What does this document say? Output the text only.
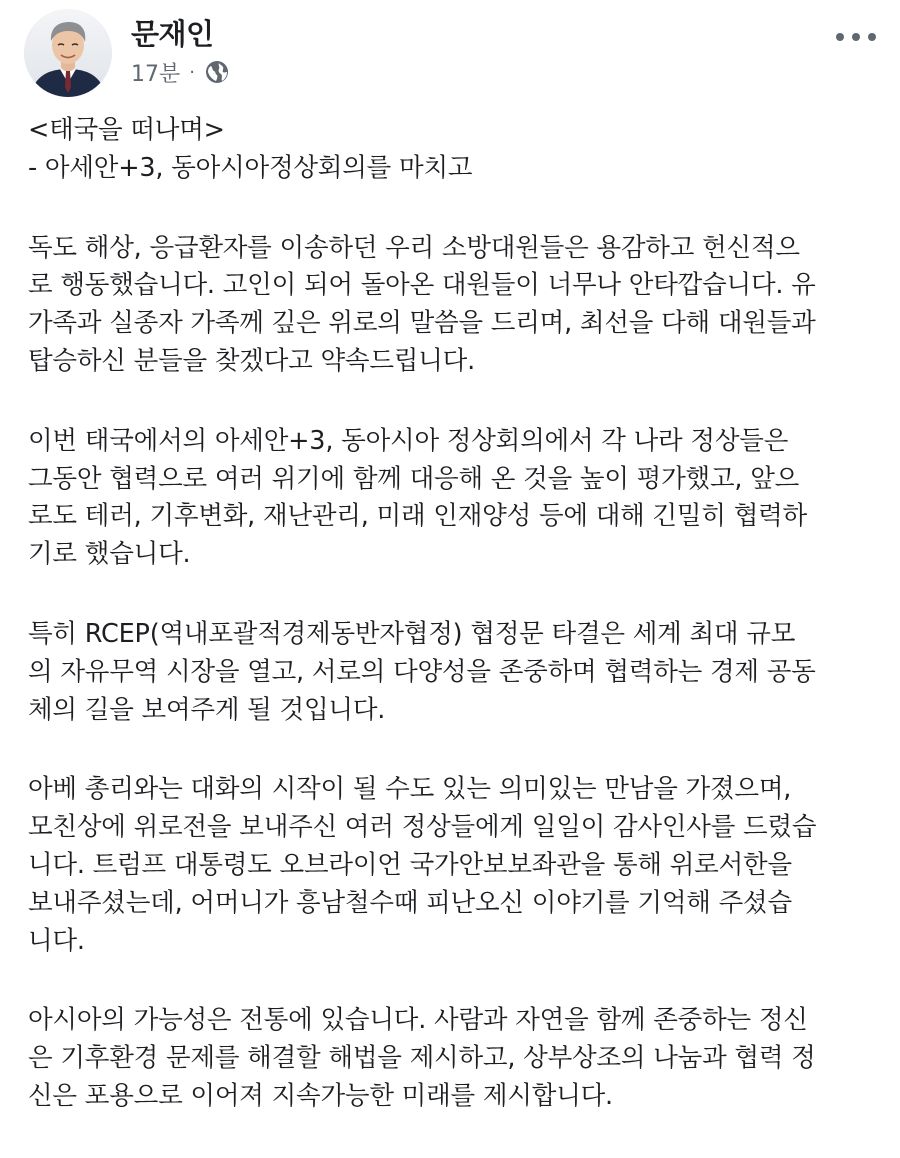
문재인
17분 ·

<태국을 떠나며>
- 아세안+3, 동아시아정상회의를 마치고

독도 해상, 응급환자를 이송하던 우리 소방대원들은 용감하고 헌신적으
로 행동했습니다. 고인이 되어 돌아온 대원들이 너무나 안타깝습니다. 유
가족과 실종자 가족께 깊은 위로의 말씀을 드리며, 최선을 다해 대원들과
탑승하신 분들을 찾겠다고 약속드립니다.

이번 태국에서의 아세안+3, 동아시아 정상회의에서 각 나라 정상들은
그동안 협력으로 여러 위기에 함께 대응해 온 것을 높이 평가했고, 앞으
로도 테러, 기후변화, 재난관리, 미래 인재양성 등에 대해 긴밀히 협력하
기로 했습니다.

특히 RCEP(역내포괄적경제동반자협정) 협정문 타결은 세계 최대 규모
의 자유무역 시장을 열고, 서로의 다양성을 존중하며 협력하는 경제 공동
체의 길을 보여주게 될 것입니다.

아베 총리와는 대화의 시작이 될 수도 있는 의미있는 만남을 가졌으며,
모친상에 위로전을 보내주신 여러 정상들에게 일일이 감사인사를 드렸습
니다. 트럼프 대통령도 오브라이언 국가안보보좌관을 통해 위로서한을
보내주셨는데, 어머니가 흥남철수때 피난오신 이야기를 기억해 주셨습
니다.

아시아의 가능성은 전통에 있습니다. 사람과 자연을 함께 존중하는 정신
은 기후환경 문제를 해결할 해법을 제시하고, 상부상조의 나눔과 협력 정
신은 포용으로 이어져 지속가능한 미래를 제시합니다.
